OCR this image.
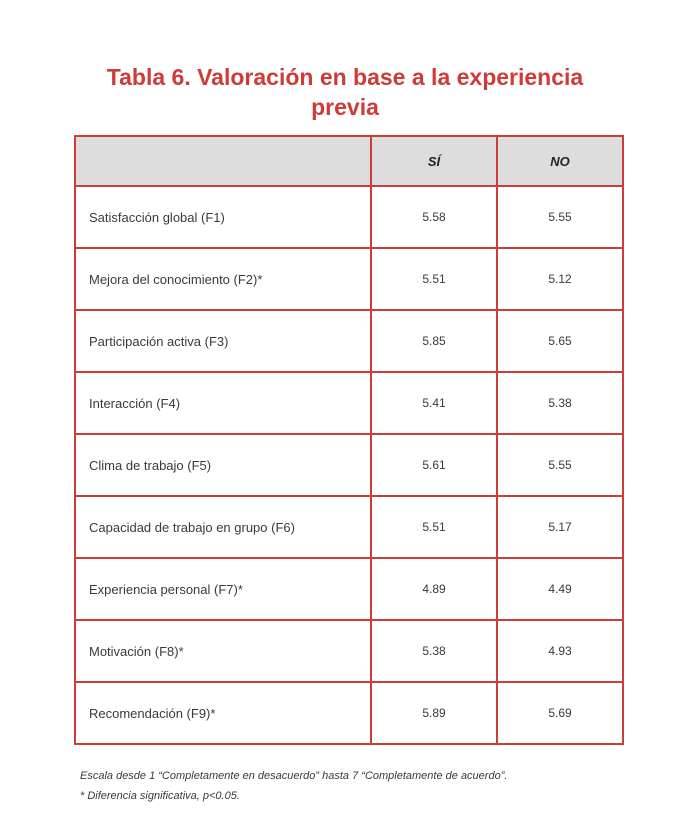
Tabla 6. Valoración en base a la experiencia
previa
	SÍ	NO
Satisfacción global (F1)	5.58	5.55
Mejora del conocimiento (F2)*	5.51	5.12
Participación activa (F3)	5.85	5.65
Interacción (F4)	5.41	5.38
Clima de trabajo (F5)	5.61	5.55
Capacidad de trabajo en grupo (F6)	5.51	5.17
Experiencia personal (F7)*	4.89	4.49
Motivación (F8)*	5.38	4.93
Recomendación (F9)*	5.89	5.69
Escala desde 1 “Completamente en desacuerdo” hasta 7 “Completamente de acuerdo”.
* Diferencia significativa, p<0.05.
